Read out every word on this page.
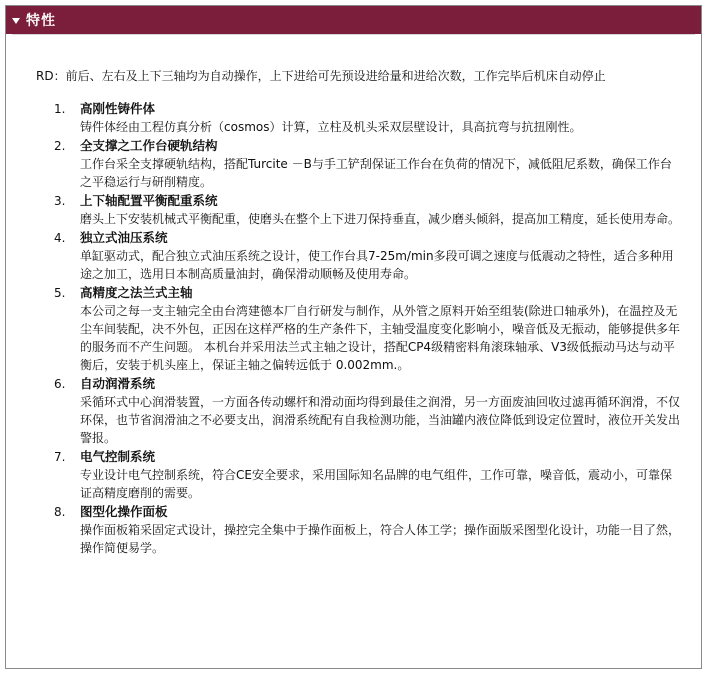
特性

RD：前后、左右及上下三轴均为自动操作，上下进给可先预设进给量和进给次数，工作完毕后机床自动停止

1. 高刚性铸件体
铸件体经由工程仿真分析（cosmos）计算，立柱及机头采双层壁设计，具高抗弯与抗扭刚性。
2. 全支撑之工作台硬轨结构
工作台采全支撑硬轨结构，搭配Turcite －B与手工铲刮保证工作台在负荷的情况下，减低阻尼系数，确保工作台之平稳运行与研削精度。
3. 上下轴配置平衡配重系统
磨头上下安装机械式平衡配重，使磨头在整个上下进刀保持垂直，减少磨头倾斜，提高加工精度，延长使用寿命。
4. 独立式油压系统
单缸驱动式，配合独立式油压系统之设计，使工作台具7-25m/min多段可调之速度与低震动之特性，适合多种用途之加工，选用日本制高质量油封，确保滑动顺畅及使用寿命。
5. 高精度之法兰式主轴
本公司之每一支主轴完全由台湾建德本厂自行研发与制作，从外管之原料开始至组装(除进口轴承外)，在温控及无尘车间装配，决不外包，正因在这样严格的生产条件下，主轴受温度变化影响小，噪音低及无振动，能够提供多年的服务而不产生问题。 本机台并采用法兰式主轴之设计，搭配CP4级精密料角滚珠轴承、V3级低振动马达与动平衡后，安装于机头座上，保证主轴之偏转远低于 0.002mm.。
6. 自动润滑系统
采循环式中心润滑装置，一方面各传动螺杆和滑动面均得到最佳之润滑，另一方面废油回收过滤再循环润滑，不仅环保，也节省润滑油之不必要支出，润滑系统配有自我检测功能，当油罐内液位降低到设定位置时，液位开关发出警报。
7. 电气控制系统
专业设计电气控制系统，符合CE安全要求，采用国际知名品牌的电气组件，工作可靠，噪音低，震动小，可靠保证高精度磨削的需要。
8. 图型化操作面板
操作面板箱采固定式设计，操控完全集中于操作面板上，符合人体工学；操作面版采图型化设计，功能一目了然，操作简便易学。
